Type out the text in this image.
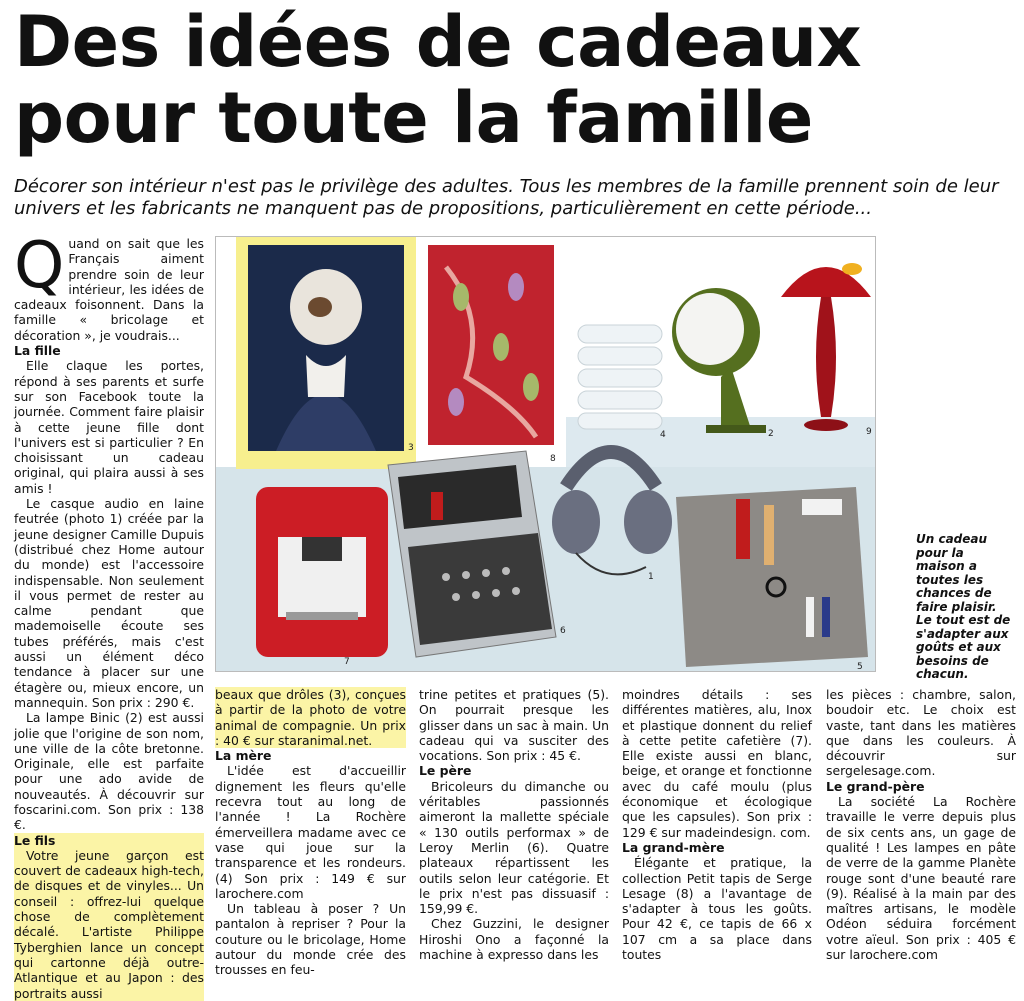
Des idées de cadeaux
pour toute la famille

Décorer son intérieur n'est pas le privilège des adultes. Tous les membres de la famille prennent soin de leur univers et les fabricants ne manquent pas de propositions, particulièrement en cette période...

Quand on sait que les Français aiment prendre soin de leur intérieur, les idées de cadeaux foisonnent. Dans la famille « bricolage et décoration », je voudrais...

La fille

Elle claque les portes, répond à ses parents et surfe sur son Facebook toute la journée. Comment faire plaisir à cette jeune fille dont l'univers est si particulier ? En choisissant un cadeau original, qui plaira aussi à ses amis !

Le casque audio en laine feutrée (photo 1) créée par la jeune designer Camille Dupuis (distribué chez Home autour du monde) est l'accessoire indispensable. Non seulement il vous permet de rester au calme pendant que mademoiselle écoute ses tubes préférés, mais c'est aussi un élément déco tendance à placer sur une étagère ou, mieux encore, un mannequin. Son prix : 290 €.

La lampe Binic (2) est aussi jolie que l'origine de son nom, une ville de la côte bretonne. Originale, elle est parfaite pour une ado avide de nouveautés. À découvrir sur foscarini.com. Son prix : 138 €.

Le fils

Votre jeune garçon est couvert de cadeaux high-tech, de disques et de vinyles... Un conseil : offrez-lui quelque chose de complètement décalé. L'artiste Philippe Tyberghien lance un concept qui cartonne déjà outre-Atlantique et au Japon : des portraits aussi

3
8
4	2	9
1
6
7	5
Un cadeau pour la maison a toutes les chances de faire plaisir. Le tout est de s'adapter aux goûts et aux besoins de chacun.

beaux que drôles (3), conçues à partir de la photo de votre animal de compagnie. Un prix : 40 € sur staranimal.net.

La mère

L'idée est d'accueillir dignement les fleurs qu'elle recevra tout au long de l'année ! La Rochère émerveillera madame avec ce vase qui joue sur la transparence et les rondeurs. (4) Son prix : 149 € sur larochere.com

Un tableau à poser ? Un pantalon à repriser ? Pour la couture ou le bricolage, Home autour du monde crée des trousses en feu-

trine petites et pratiques (5). On pourrait presque les glisser dans un sac à main. Un cadeau qui va susciter des vocations. Son prix : 45 €.

Le père

Bricoleurs du dimanche ou véritables passionnés aimeront la mallette spéciale « 130 outils performax » de Leroy Merlin (6). Quatre plateaux répartissent les outils selon leur catégorie. Et le prix n'est pas dissuasif : 159,99 €.

Chez Guzzini, le designer Hiroshi Ono a façonné la machine à expresso dans les

moindres détails : ses différentes matières, alu, Inox et plastique donnent du relief à cette petite cafetière (7). Elle existe aussi en blanc, beige, et orange et fonctionne avec du café moulu (plus économique et écologique que les capsules). Son prix : 129 € sur madeindesign. com.

La grand-mère

Élégante et pratique, la collection Petit tapis de Serge Lesage (8) a l'avantage de s'adapter à tous les goûts. Pour 42 €, ce tapis de 66 x 107 cm a sa place dans toutes

les pièces : chambre, salon, boudoir etc. Le choix est vaste, tant dans les matières que dans les couleurs. À découvrir sur sergelesage.com.

Le grand-père

La société La Rochère travaille le verre depuis plus de six cents ans, un gage de qualité ! Les lampes en pâte de verre de la gamme Planète rouge sont d'une beauté rare (9). Réalisé à la main par des maîtres artisans, le modèle Odéon séduira forcément votre aïeul. Son prix : 405 € sur larochere.com
